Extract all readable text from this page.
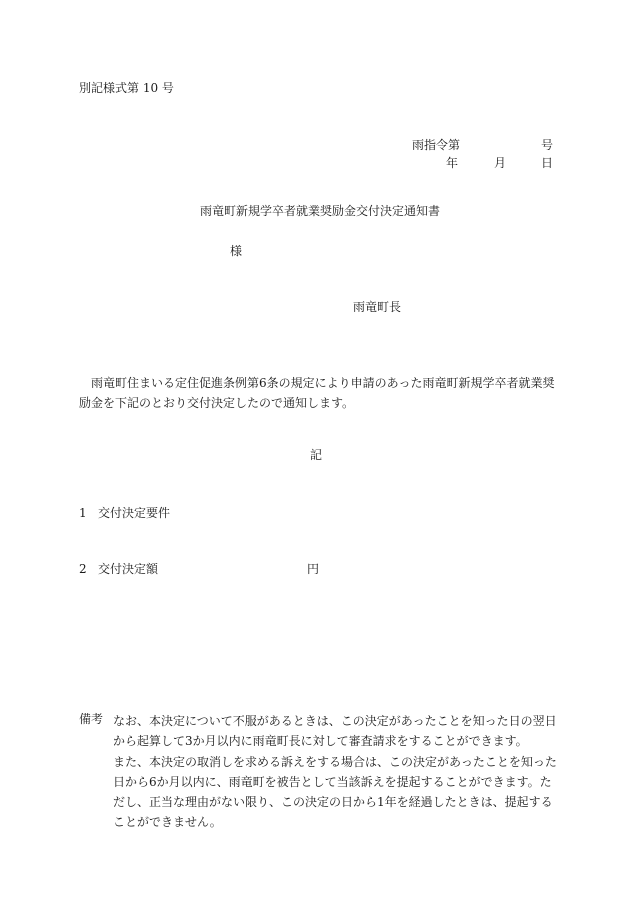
別記様式第 10 号
雨指令第	号
年	月	日
雨竜町新規学卒者就業奨励金交付決定通知書
様
雨竜町長
雨竜町住まいる定住促進条例第6条の規定により申請のあった雨竜町新規学卒者就業奨励金を下記のとおり交付決定したので通知します。
記
1 交付決定要件
2 交付決定額	円
備考 なお、本決定について不服があるときは、この決定があったことを知った日の翌日から起算して3か月以内に雨竜町長に対して審査請求をすることができます。

また、本決定の取消しを求める訴えをする場合は、この決定があったことを知った日から6か月以内に、雨竜町を被告として当該訴えを提起することができます。ただし、正当な理由がない限り、この決定の日から1年を経過したときは、提起することができません。
